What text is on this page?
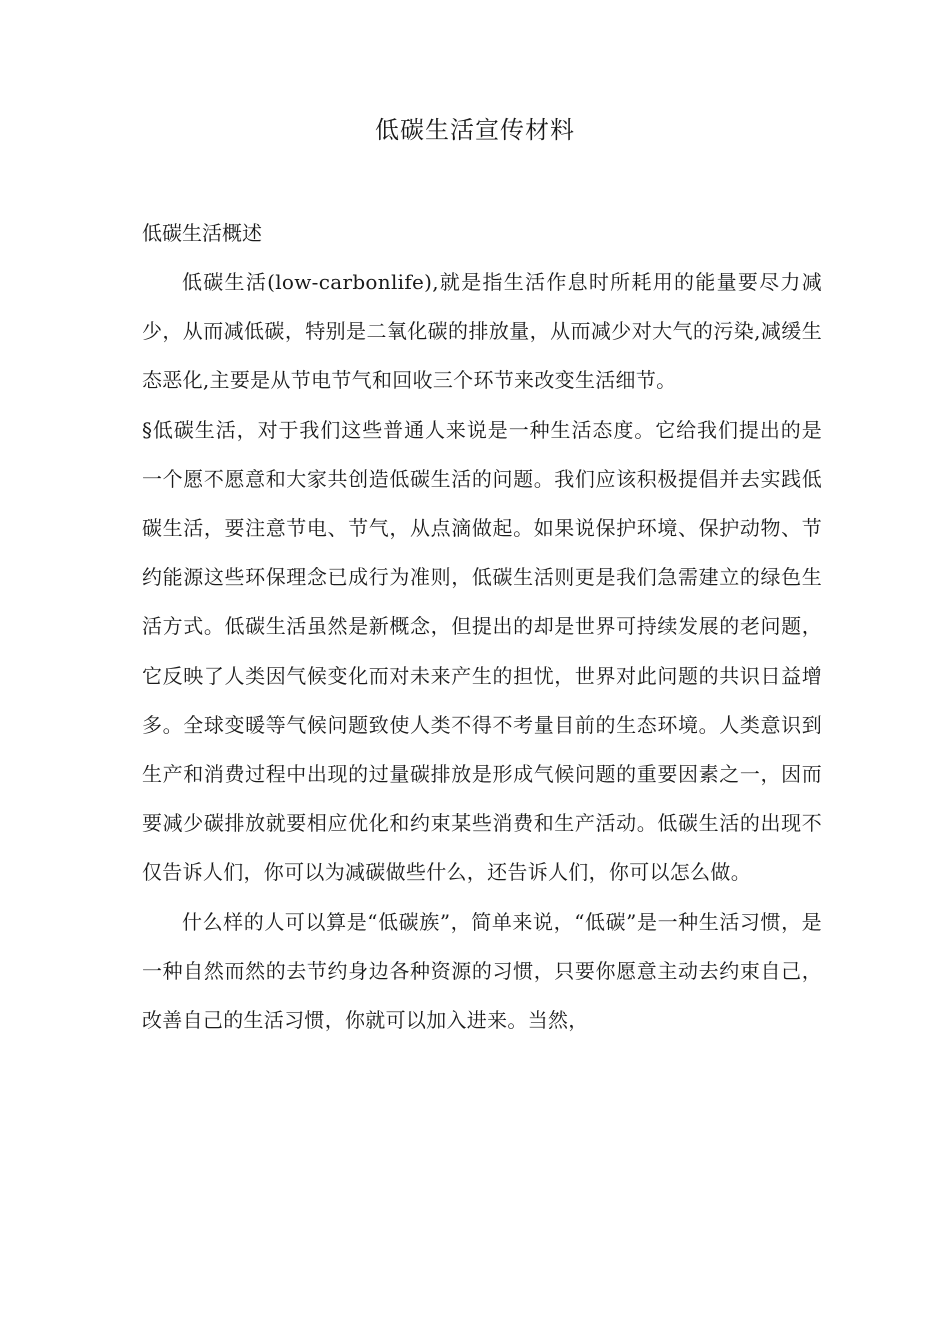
低碳生活宣传材料
低碳生活概述

低碳生活(low-carbonlife),就是指生活作息时所耗用的能量要尽力减少，从而减低碳，特别是二氧化碳的排放量，从而减少对大气的污染,减缓生态恶化,主要是从节电节气和回收三个环节来改变生活细节。

§低碳生活，对于我们这些普通人来说是一种生活态度。它给我们提出的是一个愿不愿意和大家共创造低碳生活的问题。我们应该积极提倡并去实践低碳生活，要注意节电、节气，从点滴做起。如果说保护环境、保护动物、节约能源这些环保理念已成行为准则，低碳生活则更是我们急需建立的绿色生活方式。低碳生活虽然是新概念，但提出的却是世界可持续发展的老问题，它反映了人类因气候变化而对未来产生的担忧，世界对此问题的共识日益增多。全球变暖等气候问题致使人类不得不考量目前的生态环境。人类意识到生产和消费过程中出现的过量碳排放是形成气候问题的重要因素之一，因而要减少碳排放就要相应优化和约束某些消费和生产活动。低碳生活的出现不仅告诉人们，你可以为减碳做些什么，还告诉人们，你可以怎么做。

什么样的人可以算是“低碳族”，简单来说，“低碳”是一种生活习惯，是一种自然而然的去节约身边各种资源的习惯，只要你愿意主动去约束自己，改善自己的生活习惯，你就可以加入进来。当然，
